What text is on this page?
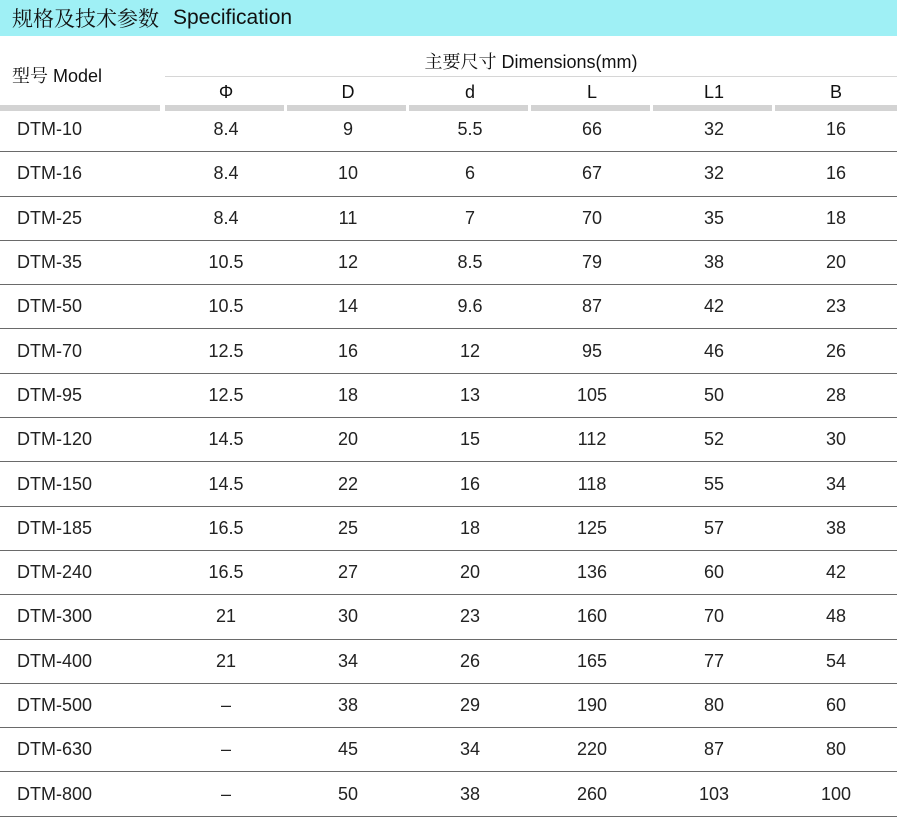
规格及技术参数 Specification
型号 Model
主要尺寸 Dimensions(mm)
Φ	D	d	L	L1	B
DTM-10	8.4	9	5.5	66	32	16
DTM-16	8.4	10	6	67	32	16
DTM-25	8.4	11	7	70	35	18
DTM-35	10.5	12	8.5	79	38	20
DTM-50	10.5	14	9.6	87	42	23
DTM-70	12.5	16	12	95	46	26
DTM-95	12.5	18	13	105	50	28
DTM-120	14.5	20	15	112	52	30
DTM-150	14.5	22	16	118	55	34
DTM-185	16.5	25	18	125	57	38
DTM-240	16.5	27	20	136	60	42
DTM-300	21	30	23	160	70	48
DTM-400	21	34	26	165	77	54
DTM-500	–	38	29	190	80	60
DTM-630	–	45	34	220	87	80
DTM-800	–	50	38	260	103	100
